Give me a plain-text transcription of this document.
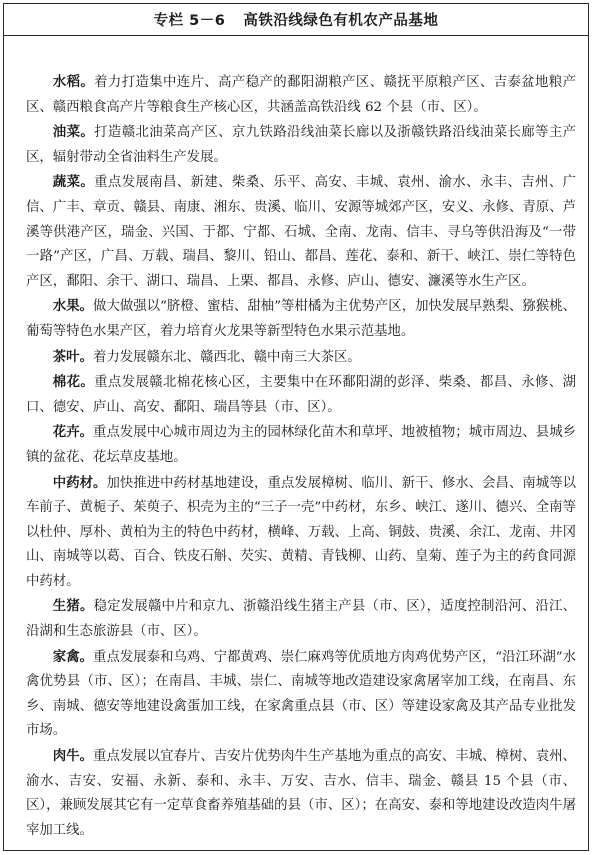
专栏 5－6 高铁沿线绿色有机农产品基地

水稻。着力打造集中连片、高产稳产的鄱阳湖粮产区、赣抚平原粮产区、吉泰盆地粮产区、赣西粮食高产片等粮食生产核心区，共涵盖高铁沿线 62 个县（市、区）。

油菜。打造赣北油菜高产区、京九铁路沿线油菜长廊以及浙赣铁路沿线油菜长廊等主产区，辐射带动全省油料生产发展。

蔬菜。重点发展南昌、新建、柴桑、乐平、高安、丰城、袁州、渝水、永丰、吉州、广信、广丰、章贡、赣县、南康、湘东、贵溪、临川、安源等城郊产区，安义、永修、青原、芦溪等供港产区，瑞金、兴国、于都、宁都、石城、全南、龙南、信丰、寻乌等供沿海及“一带一路”产区，广昌、万载、瑞昌、黎川、铅山、都昌、莲花、泰和、新干、峡江、崇仁等特色产区，鄱阳、余干、湖口、瑞昌、上栗、都昌、永修、庐山、德安、濂溪等水生产区。

水果。做大做强以“脐橙、蜜桔、甜柚”等柑橘为主优势产区，加快发展早熟梨、猕猴桃、葡萄等特色水果产区，着力培育火龙果等新型特色水果示范基地。

茶叶。着力发展赣东北、赣西北、赣中南三大茶区。

棉花。重点发展赣北棉花核心区，主要集中在环鄱阳湖的彭泽、柴桑、都昌、永修、湖口、德安、庐山、高安、鄱阳、瑞昌等县（市、区）。

花卉。重点发展中心城市周边为主的园林绿化苗木和草坪、地被植物；城市周边、县城乡镇的盆花、花坛草皮基地。

中药材。加快推进中药材基地建设，重点发展樟树、临川、新干、修水、会昌、南城等以车前子、黄栀子、茱萸子、枳壳为主的“三子一壳”中药材，东乡、峡江、遂川、德兴、全南等以杜仲、厚朴、黄柏为主的特色中药材，横峰、万载、上高、铜鼓、贵溪、余江、龙南、井冈山、南城等以葛、百合、铁皮石斛、芡实、黄精、青钱柳、山药、皇菊、莲子为主的药食同源中药材。

生猪。稳定发展赣中片和京九、浙赣沿线生猪主产县（市、区），适度控制沿河、沿江、沿湖和生态旅游县（市、区）。

家禽。重点发展泰和乌鸡、宁都黄鸡、崇仁麻鸡等优质地方肉鸡优势产区，“沿江环湖”水禽优势县（市、区）；在南昌、丰城、崇仁、南城等地改造建设家禽屠宰加工线，在南昌、东乡、南城、德安等地建设禽蛋加工线，在家禽重点县（市、区）等建设家禽及其产品专业批发市场。

肉牛。重点发展以宜春片、吉安片优势肉牛生产基地为重点的高安、丰城、樟树、袁州、渝水、吉安、安福、永新、泰和、永丰、万安、吉水、信丰、瑞金、赣县 15 个县（市、区），兼顾发展其它有一定草食畜养殖基础的县（市、区）；在高安、泰和等地建设改造肉牛屠宰加工线。
